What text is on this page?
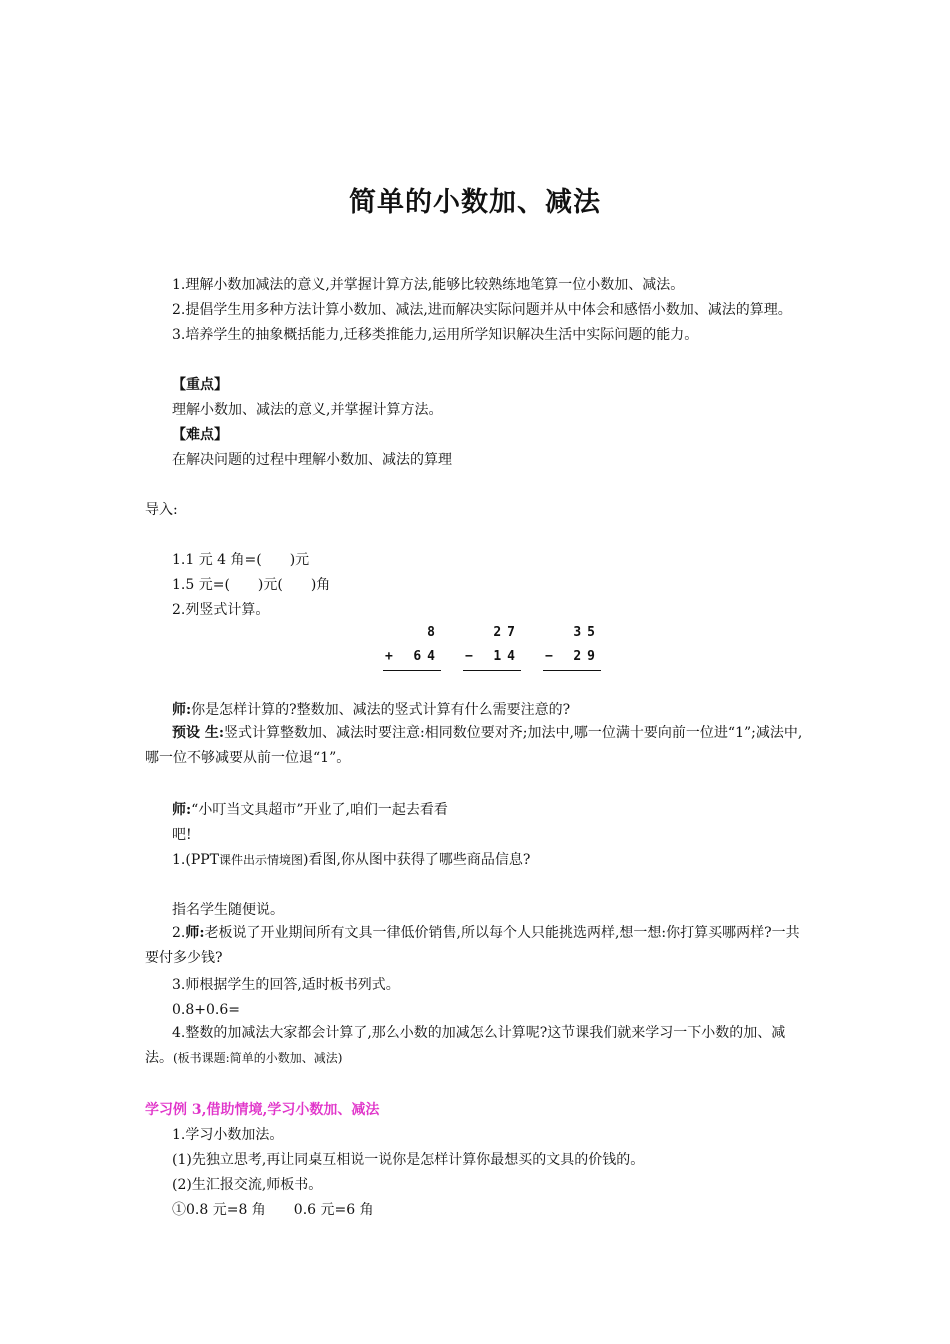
简单的小数加、减法
1.理解小数加减法的意义,并掌握计算方法,能够比较熟练地笔算一位小数加、减法。
2.提倡学生用多种方法计算小数加、减法,进而解决实际问题并从中体会和感悟小数加、减法的算理。
3.培养学生的抽象概括能力,迁移类推能力,运用所学知识解决生活中实际问题的能力。
【重点】
理解小数加、减法的意义,并掌握计算方法。
【难点】
在解决问题的过程中理解小数加、减法的算理
导入:
1.1 元 4 角=(　　)元
1.5 元=(　　)元(　　)角
2.列竖式计算。
8
+ 64
27
− 14
35
− 29
师:你是怎样计算的?整数加、减法的竖式计算有什么需要注意的?
预设 生:竖式计算整数加、减法时要注意:相同数位要对齐;加法中,哪一位满十要向前一位进“1”;减法中,哪一位不够减要从前一位退“1”。
师:“小叮当文具超市”开业了,咱们一起去看看
吧!
1.(PPT课件出示情境图)看图,你从图中获得了哪些商品信息?
指名学生随便说。
2.师:老板说了开业期间所有文具一律低价销售,所以每个人只能挑选两样,想一想:你打算买哪两样?一共要付多少钱?
3.师根据学生的回答,适时板书列式。
0.8+0.6=
4.整数的加减法大家都会计算了,那么小数的加减怎么计算呢?这节课我们就来学习一下小数的加、减法。(板书课题:简单的小数加、减法)
学习例 3,借助情境,学习小数加、减法
1.学习小数加法。
(1)先独立思考,再让同桌互相说一说你是怎样计算你最想买的文具的价钱的。
(2)生汇报交流,师板书。
①0.8 元=8 角　　0.6 元=6 角
